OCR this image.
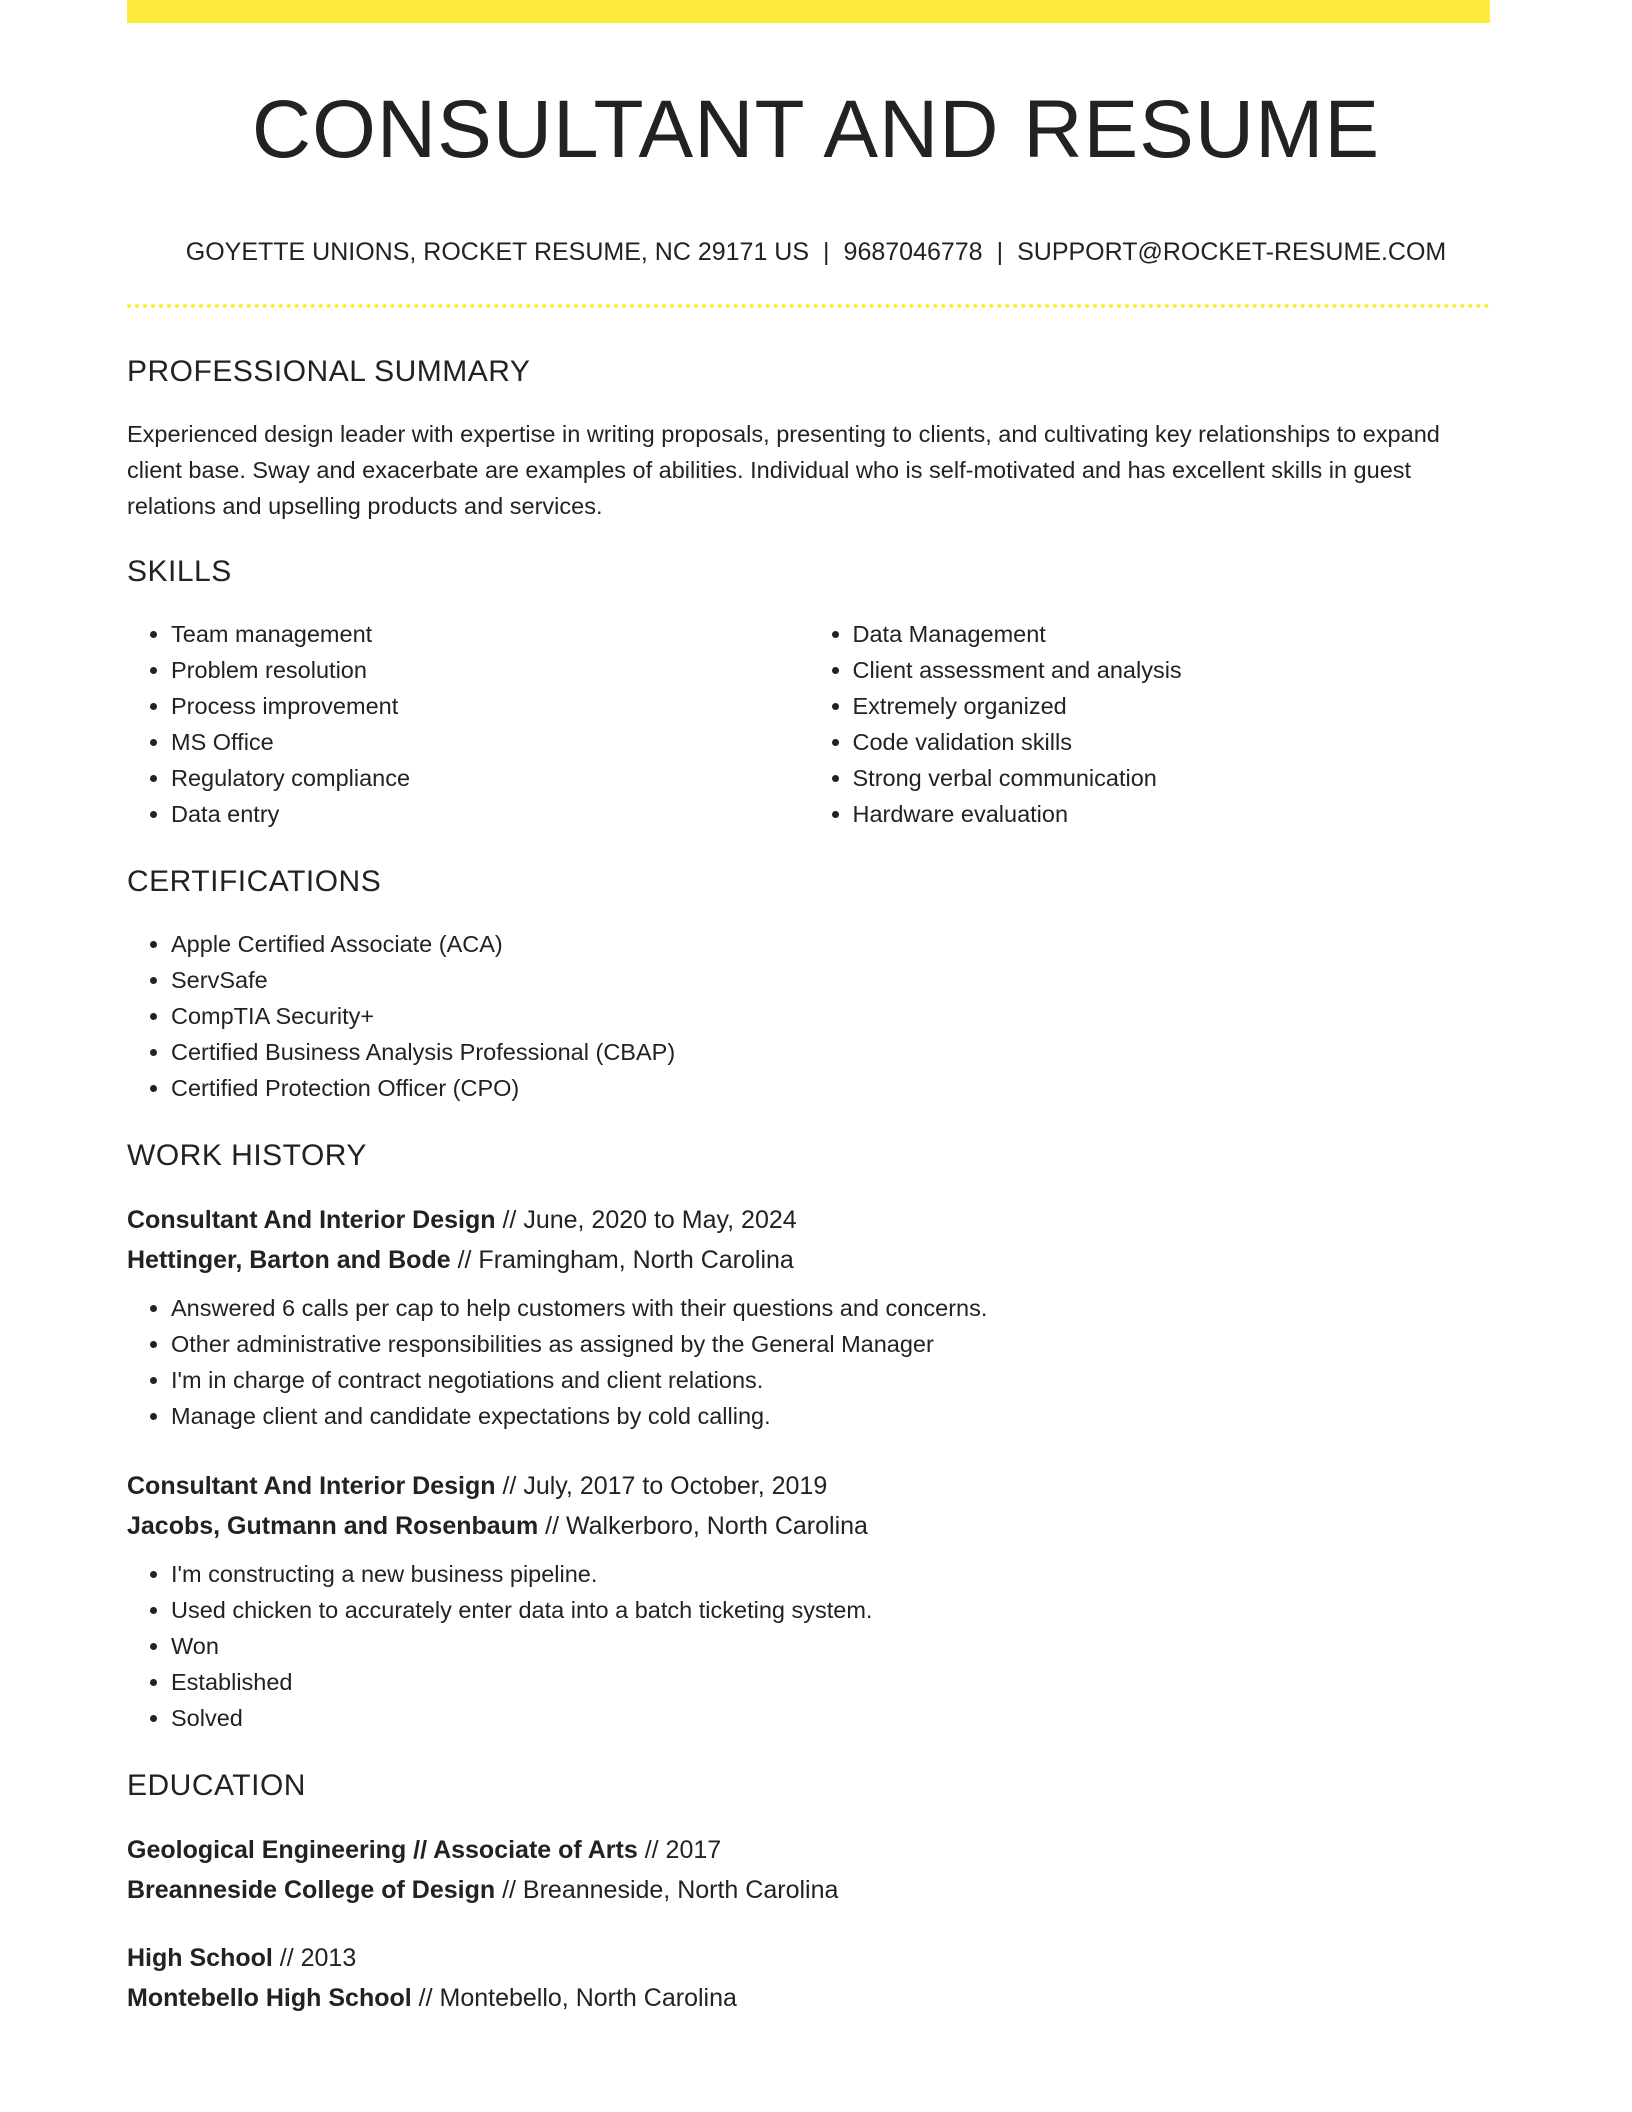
CONSULTANT AND RESUME
GOYETTE UNIONS, ROCKET RESUME, NC 29171 US | 9687046778 | SUPPORT@ROCKET-RESUME.COM
PROFESSIONAL SUMMARY
Experienced design leader with expertise in writing proposals, presenting to clients, and cultivating key relationships to expand client base. Sway and exacerbate are examples of abilities. Individual who is self-motivated and has excellent skills in guest relations and upselling products and services.
SKILLS
• Team management
• Problem resolution
• Process improvement
• MS Office
• Regulatory compliance
• Data entry
• Data Management
• Client assessment and analysis
• Extremely organized
• Code validation skills
• Strong verbal communication
• Hardware evaluation
CERTIFICATIONS
• Apple Certified Associate (ACA)
• ServSafe
• CompTIA Security+
• Certified Business Analysis Professional (CBAP)
• Certified Protection Officer (CPO)
WORK HISTORY
Consultant And Interior Design // June, 2020 to May, 2024
Hettinger, Barton and Bode // Framingham, North Carolina
• Answered 6 calls per cap to help customers with their questions and concerns.
• Other administrative responsibilities as assigned by the General Manager
• I'm in charge of contract negotiations and client relations.
• Manage client and candidate expectations by cold calling.
Consultant And Interior Design // July, 2017 to October, 2019
Jacobs, Gutmann and Rosenbaum // Walkerboro, North Carolina
• I'm constructing a new business pipeline.
• Used chicken to accurately enter data into a batch ticketing system.
• Won
• Established
• Solved
EDUCATION
Geological Engineering // Associate of Arts // 2017
Breanneside College of Design // Breanneside, North Carolina
High School // 2013
Montebello High School // Montebello, North Carolina
